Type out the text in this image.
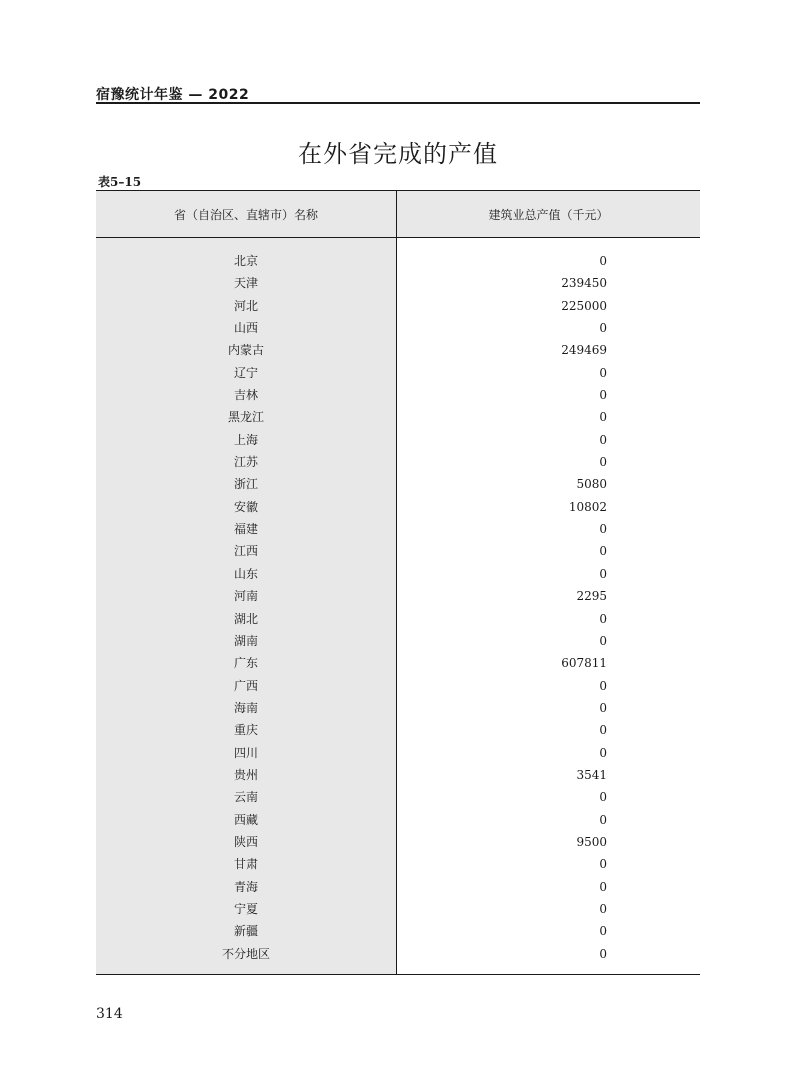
宿豫统计年鉴 — 2022
在外省完成的产值
表5–15
省（自治区、直辖市）名称	建筑业总产值（千元）
北京
天津
河北
山西
内蒙古
辽宁
吉林
黑龙江
上海
江苏
浙江
安徽
福建
江西
山东
河南
湖北
湖南
广东
广西
海南
重庆
四川
贵州
云南
西藏
陕西
甘肃
青海
宁夏
新疆
不分地区
0
239450
225000
0
249469
0
0
0
0
0
5080
10802
0
0
0
2295
0
0
607811
0
0
0
0
3541
0
0
9500
0
0
0
0
0
314
